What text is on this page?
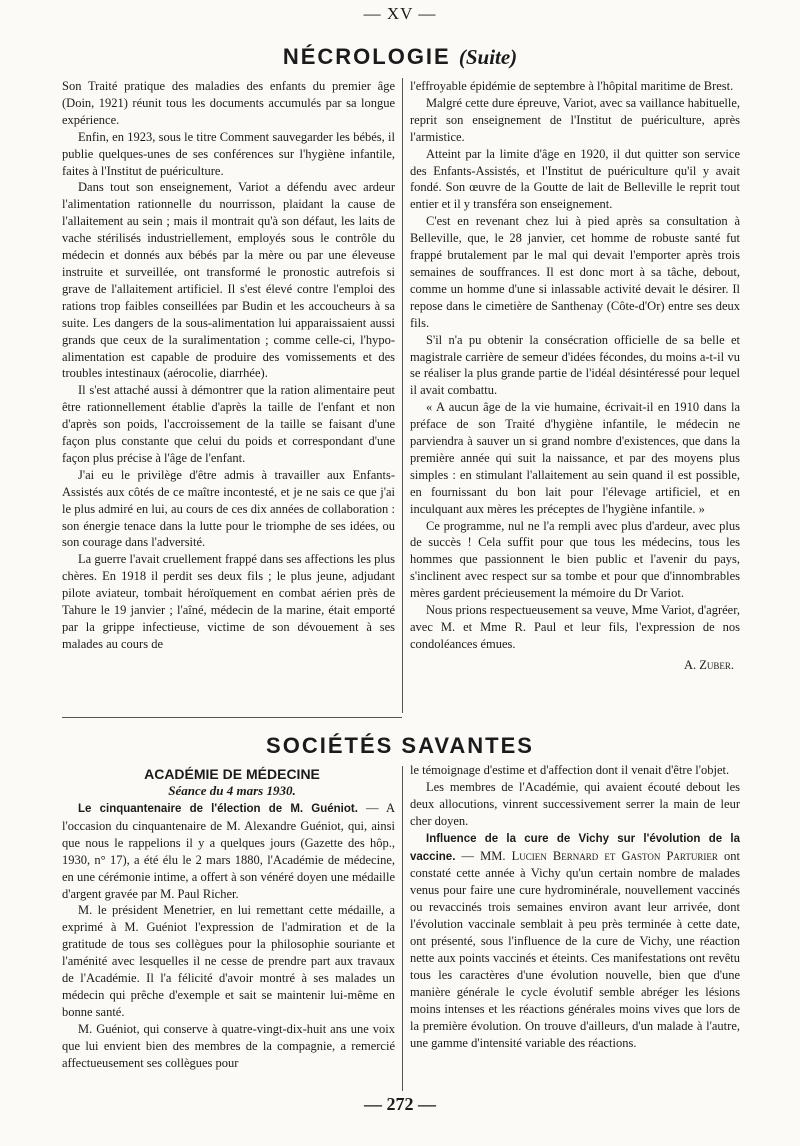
— XV —
NÉCROLOGIE (Suite)

Son Traité pratique des maladies des enfants du premier âge (Doin, 1921) réunit tous les documents accumulés par sa longue expérience.

Enfin, en 1923, sous le titre Comment sauvegarder les bébés, il publie quelques-unes de ses conférences sur l'hygiène infantile, faites à l'Institut de puériculture.

Dans tout son enseignement, Variot a défendu avec ardeur l'alimentation rationnelle du nourrisson, plaidant la cause de l'allaitement au sein ; mais il montrait qu'à son défaut, les laits de vache stérilisés industriellement, employés sous le contrôle du médecin et donnés aux bébés par la mère ou par une éleveuse instruite et surveillée, ont transformé le pronostic autrefois si grave de l'allaitement artificiel. Il s'est élevé contre l'emploi des rations trop faibles conseillées par Budin et les accoucheurs à sa suite. Les dangers de la sous-alimentation lui apparaissaient aussi grands que ceux de la suralimentation ; comme celle-ci, l'hypo-alimentation est capable de produire des vomissements et des troubles intestinaux (aérocolie, diarrhée).

Il s'est attaché aussi à démontrer que la ration alimentaire peut être rationnellement établie d'après la taille de l'enfant et non d'après son poids, l'accroissement de la taille se faisant d'une façon plus constante que celui du poids et correspondant d'une façon plus précise à l'âge de l'enfant.

J'ai eu le privilège d'être admis à travailler aux Enfants-Assistés aux côtés de ce maître incontesté, et je ne sais ce que j'ai le plus admiré en lui, au cours de ces dix années de collaboration : son énergie tenace dans la lutte pour le triomphe de ses idées, ou son courage dans l'adversité.

La guerre l'avait cruellement frappé dans ses affections les plus chères. En 1918 il perdit ses deux fils ; le plus jeune, adjudant pilote aviateur, tombait héroïquement en combat aérien près de Tahure le 19 janvier ; l'aîné, médecin de la marine, était emporté par la grippe infectieuse, victime de son dévouement à ses malades au cours de

l'effroyable épidémie de septembre à l'hôpital maritime de Brest.

Malgré cette dure épreuve, Variot, avec sa vaillance habituelle, reprit son enseignement de l'Institut de puériculture, après l'armistice.

Atteint par la limite d'âge en 1920, il dut quitter son service des Enfants-Assistés, et l'Institut de puériculture qu'il y avait fondé. Son œuvre de la Goutte de lait de Belleville le reprit tout entier et il y transféra son enseignement.

C'est en revenant chez lui à pied après sa consultation à Belleville, que, le 28 janvier, cet homme de robuste santé fut frappé brutalement par le mal qui devait l'emporter après trois semaines de souffrances. Il est donc mort à sa tâche, debout, comme un homme d'une si inlassable activité devait le désirer. Il repose dans le cimetière de Santhenay (Côte-d'Or) entre ses deux fils.

S'il n'a pu obtenir la consécration officielle de sa belle et magistrale carrière de semeur d'idées fécondes, du moins a-t-il vu se réaliser la plus grande partie de l'idéal désintéressé pour lequel il avait combattu.

« A aucun âge de la vie humaine, écrivait-il en 1910 dans la préface de son Traité d'hygiène infantile, le médecin ne parviendra à sauver un si grand nombre d'existences, que dans la première année qui suit la naissance, et par des moyens plus simples : en stimulant l'allaitement au sein quand il est possible, en fournissant du bon lait pour l'élevage artificiel, et en inculquant aux mères les préceptes de l'hygiène infantile. »

Ce programme, nul ne l'a rempli avec plus d'ardeur, avec plus de succès ! Cela suffit pour que tous les médecins, tous les hommes que passionnent le bien public et l'avenir du pays, s'inclinent avec respect sur sa tombe et pour que d'innombrables mères gardent précieusement la mémoire du Dr Variot.

Nous prions respectueusement sa veuve, Mme Variot, d'agréer, avec M. et Mme R. Paul et leur fils, l'expression de nos condoléances émues.

A. Zuber.
SOCIÉTÉS SAVANTES
ACADÉMIE DE MÉDECINE
Séance du 4 mars 1930.

Le cinquantenaire de l'élection de M. Guéniot. — A l'occasion du cinquantenaire de M. Alexandre Guéniot, qui, ainsi que nous le rappelions il y a quelques jours (Gazette des hôp., 1930, n° 17), a été élu le 2 mars 1880, l'Académie de médecine, en une cérémonie intime, a offert à son vénéré doyen une médaille d'argent gravée par M. Paul Richer.

M. le président Menetrier, en lui remettant cette médaille, a exprimé à M. Guéniot l'expression de l'admiration et de la gratitude de tous ses collègues pour la philosophie souriante et l'aménité avec lesquelles il ne cesse de prendre part aux travaux de l'Académie. Il l'a félicité d'avoir montré à ses malades un médecin qui prêche d'exemple et sait se maintenir lui-même en bonne santé.

M. Guéniot, qui conserve à quatre-vingt-dix-huit ans une voix que lui envient bien des membres de la compagnie, a remercié affectueusement ses collègues pour

le témoignage d'estime et d'affection dont il venait d'être l'objet.

Les membres de l'Académie, qui avaient écouté debout les deux allocutions, vinrent successivement serrer la main de leur cher doyen.

Influence de la cure de Vichy sur l'évolution de la vaccine. — MM. Lucien Bernard et Gaston Parturier ont constaté cette année à Vichy qu'un certain nombre de malades venus pour faire une cure hydrominérale, nouvellement vaccinés ou revaccinés trois semaines environ avant leur arrivée, dont l'évolution vaccinale semblait à peu près terminée à cette date, ont présenté, sous l'influence de la cure de Vichy, une réaction nette aux points vaccinés et éteints. Ces manifestations ont revêtu tous les caractères d'une évolution nouvelle, bien que d'une manière générale le cycle évolutif semble abréger les lésions moins intenses et les réactions générales moins vives que lors de la première évolution. On trouve d'ailleurs, d'un malade à l'autre, une gamme d'intensité variable des réactions.

— 272 —
